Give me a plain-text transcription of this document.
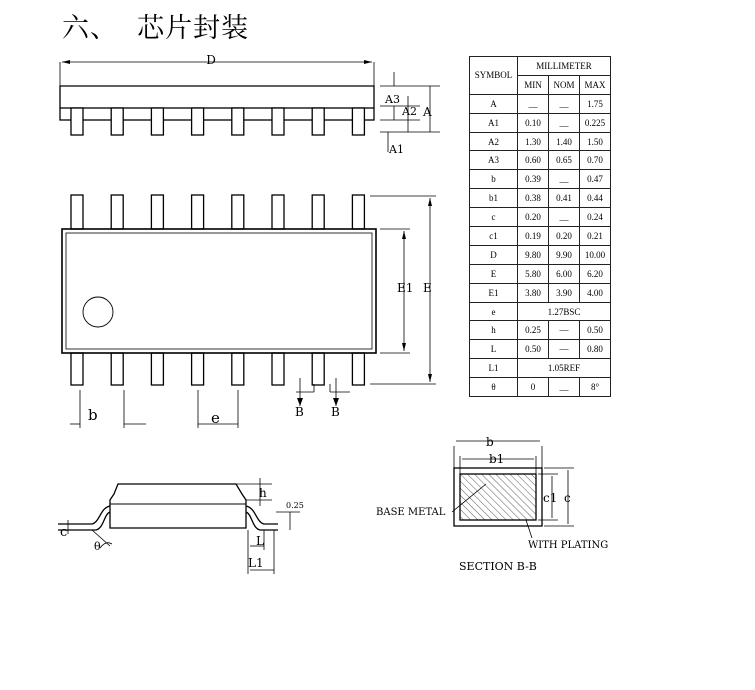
六、  芯片封装
D
A3
A2 A
A1
E1 E
b	e	B B
h
0.25
c
θ	L
L1
b
b1
c1 c
BASE METAL
WITH PLATING
SECTION B-B
SYMBOL	MILLIMETER		
	MIN	NOM	MAX
A	__	__	1.75
A1	0.10	__	0.225
A2	1.30	1.40	1.50
A3	0.60	0.65	0.70
b	0.39	__	0.47
b1	0.38	0.41	0.44
c	0.20	__	0.24
c1	0.19	0.20	0.21
D	9.80	9.90	10.00
E	5.80	6.00	6.20
E1	3.80	3.90	4.00
e	1.27BSC		
h	0.25	—	0.50
L	0.50	—	0.80
L1	1.05REF		
θ	0	__	8°
